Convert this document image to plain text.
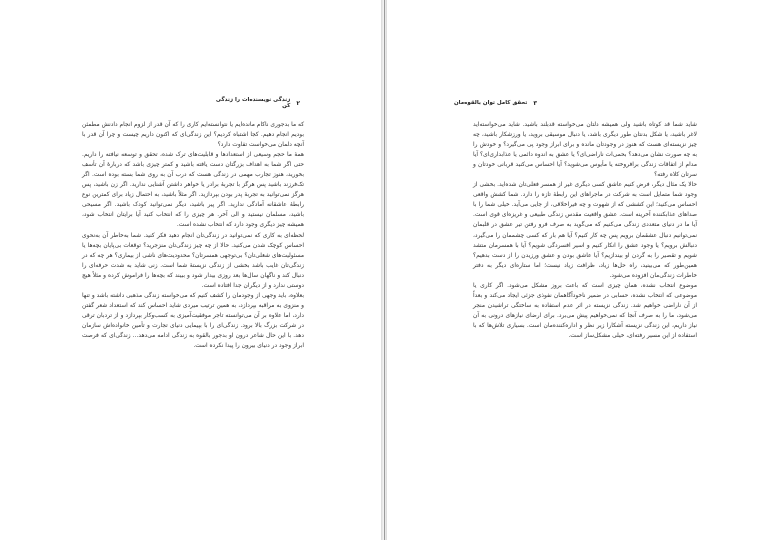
۲
زندگی نویسنده‌ات را زندگی کن

که ما بدجوری ناکام مانده‌ایم یا نتوانسته‌ایم کاری را که آن قدر از لزوم انجام دادنش مطمئن بودیم انجام دهیم. کجا اشتباه کردیم؟ این زندگی‌ای که اکنون داریم چیست و چرا آن قدر با آنچه دلمان می‌خواست تفاوت دارد؟

همهٔ ما حجم وسیعی از استعدادها و قابلیت‌های ترک شده، تحقق و توسعه نیافته را داریم. حتی اگر شما به اهداف بزرگتان دست یافته باشید و کمتر چیزی باشد که دربارهٔ آن تأسف بخورید، هنوز تجارب مهمی در زندگی هست که درب آن به روی شما بسته بوده است. اگر تک‌فرزند باشید پس هرگز با تجربهٔ برادر یا خواهر داشتن آشنایی ندارید. اگر زن باشید، پس هرگز نمی‌توانید به تجربهٔ پدر بودن بپردازید. اگر مثلاً باشید، به احتمال زیاد برای کمترین نوع رابطهٔ عاشقانه آمادگی ندارید. اگر پیر باشید، دیگر نمی‌توانید کودک باشید. اگر مسیحی باشید، مسلمان نیستید و الی آخر. هر چیزی را که انتخاب کنید آیا برایتان انتخاب شود، همیشه چیز دیگری وجود دارد که انتخاب نشده است.

لحظه‌ای به کاری که نمی‌توانید در زندگی‌تان انجام دهید فکر کنید. شما به‌خاطر آن به‌نحوی احساس کوچک شدن می‌کنید. حالا از چه چیز زندگی‌تان منزجرید؟ توقعات بی‌پایان بچه‌ها یا مسئولیت‌های شغلی‌تان؟ بی‌توجهی همسرتان؟ محدودیت‌های ناشی از بیماری؟ هر چه که در زندگی‌تان غایب باشد بخشی از زندگی نزیستهٔ شما است. زنی شاید به شدت حرفه‌ای را دنبال کند و ناگهان سال‌ها بعد روزی بیدار شود و ببیند که بچه‌ها را فراموش کرده و مثلاً هیچ دوستی ندارد و از دیگران جدا افتاده است.

بعلاوه، باید وجهی از وجودمان را کشف کنیم که می‌خواسته زندگی مذهبی داشته باشد و تنها و منزوی به مراقبه بپردازد، به همین ترتیب میردی شاید احساس کند که استعداد شعر گفتن دارد، اما علاوه بر آن می‌توانسته تاجر موفقیت‌آمیزی به کسب‌وکار بپردازد و از تردبان ترقی در شرکت بزرگ بالا برود. زندگی‌ای را با بپیمایی دنیای تجارت و تأمین خانواده‌اش سازمان دهد. با این حال شاعر درون او بدجور بالقوه به زندگی ادامه می‌دهد... زندگی‌ای که فرصت ابراز وجود در دنیای بیرون را پیدا نکرده است.

۳
تحقق کامل توان بالقوه‌مان

شاید شما قد کوتاه باشید ولی همیشه دلتان می‌خواسته قدبلند باشید. شاید می‌خواسته‌اید لاغر باشید، یا شکل بدنتان طور دیگری باشد، یا دنبال موسیقی بروید، یا ورزشکار باشید، چه چیز نزیسته‌ای هست که هنوز در وجودتان مانده و برای ابراز وجود پی می‌گیرد؟ و خودش را به چه صورت نشان می‌دهد؟ بحمی‌ات ناراضی‌ای؟ یا عشق به اندوه دائمی یا عذابداری‌ای؟ آیا مدام از اتفاقات زندگی برافروخته یا مأیوس می‌شوید؟ آیا احساس می‌کنید قربانی خودتان و سرتان کلاه رفته؟

حالا یک مثال دیگر، فرض کنیم عاشق کسی دیگری غیر از همسر فعلی‌تان شده‌اید. بخشی از وجود شما متمایل است به شرکت در ماجراهای این رابطهٔ تازه را دارد. شما کشش واقعی احساس می‌کنید؛ این کششی که از شهوت و چه فیراخلاقی، از جایی می‌آید. خیلی شما را با صداهای عذابکننده آخرینه است. عشق واقعیت مقدس زندگی طبیعی و غریزه‌ای قوی است. آیا ما در دنیای متعددی زندگی می‌کنیم که می‌گوید به صرف فرو رفتن تیر عشق در قلبمان نمی‌توانیم دنبال عشقمان برویم پس چه کار کنیم؟ آیا هم بار که کسی چشممان را می‌گیرد، دنبالش برویم؟ یا وجود عشق را انکار کنیم و اسیر افسردگی شویم؟ آیا با همسرمان متشد شویم و تقصیر را به گردن او بیندازیم؟ آیا عاشق بودن و عشق ورزیدن را از دست بدهیم؟ همین‌طور که می‌بینید، راه حل‌ها زیاد، ظرافت زیاد نیست؛ اما ستاره‌ای دیگر به دفتر خاطرات زندگی‌مان افزوده می‌شود.

موضوع انتخاب نشده، همان چیزی است که باعث بروز مشکل می‌شود. اگر کاری یا موضوعی که انتخاب نشده، حسابی در ضمیر ناخودآگاهمان نفوذی جزئی ایجاد می‌کند و بعداً از آن ناراضی خواهیم شد. زندگی نزیسته در اثر عدم استفاده به ساختگی تراشیدن منجر می‌شود، ما را به صرف آنجا که نمی‌خواهیم پیش می‌برد. برای ارضای نیازهای درونی به آن نیاز داریم، این زندگی نزیسته آشکارا زیر نظر و اداره‌کننده‌مان است. بسیاری تلاش‌ها که با استفاده از این مسیر رفته‌ای، خیلی مشکل‌ساز است.
